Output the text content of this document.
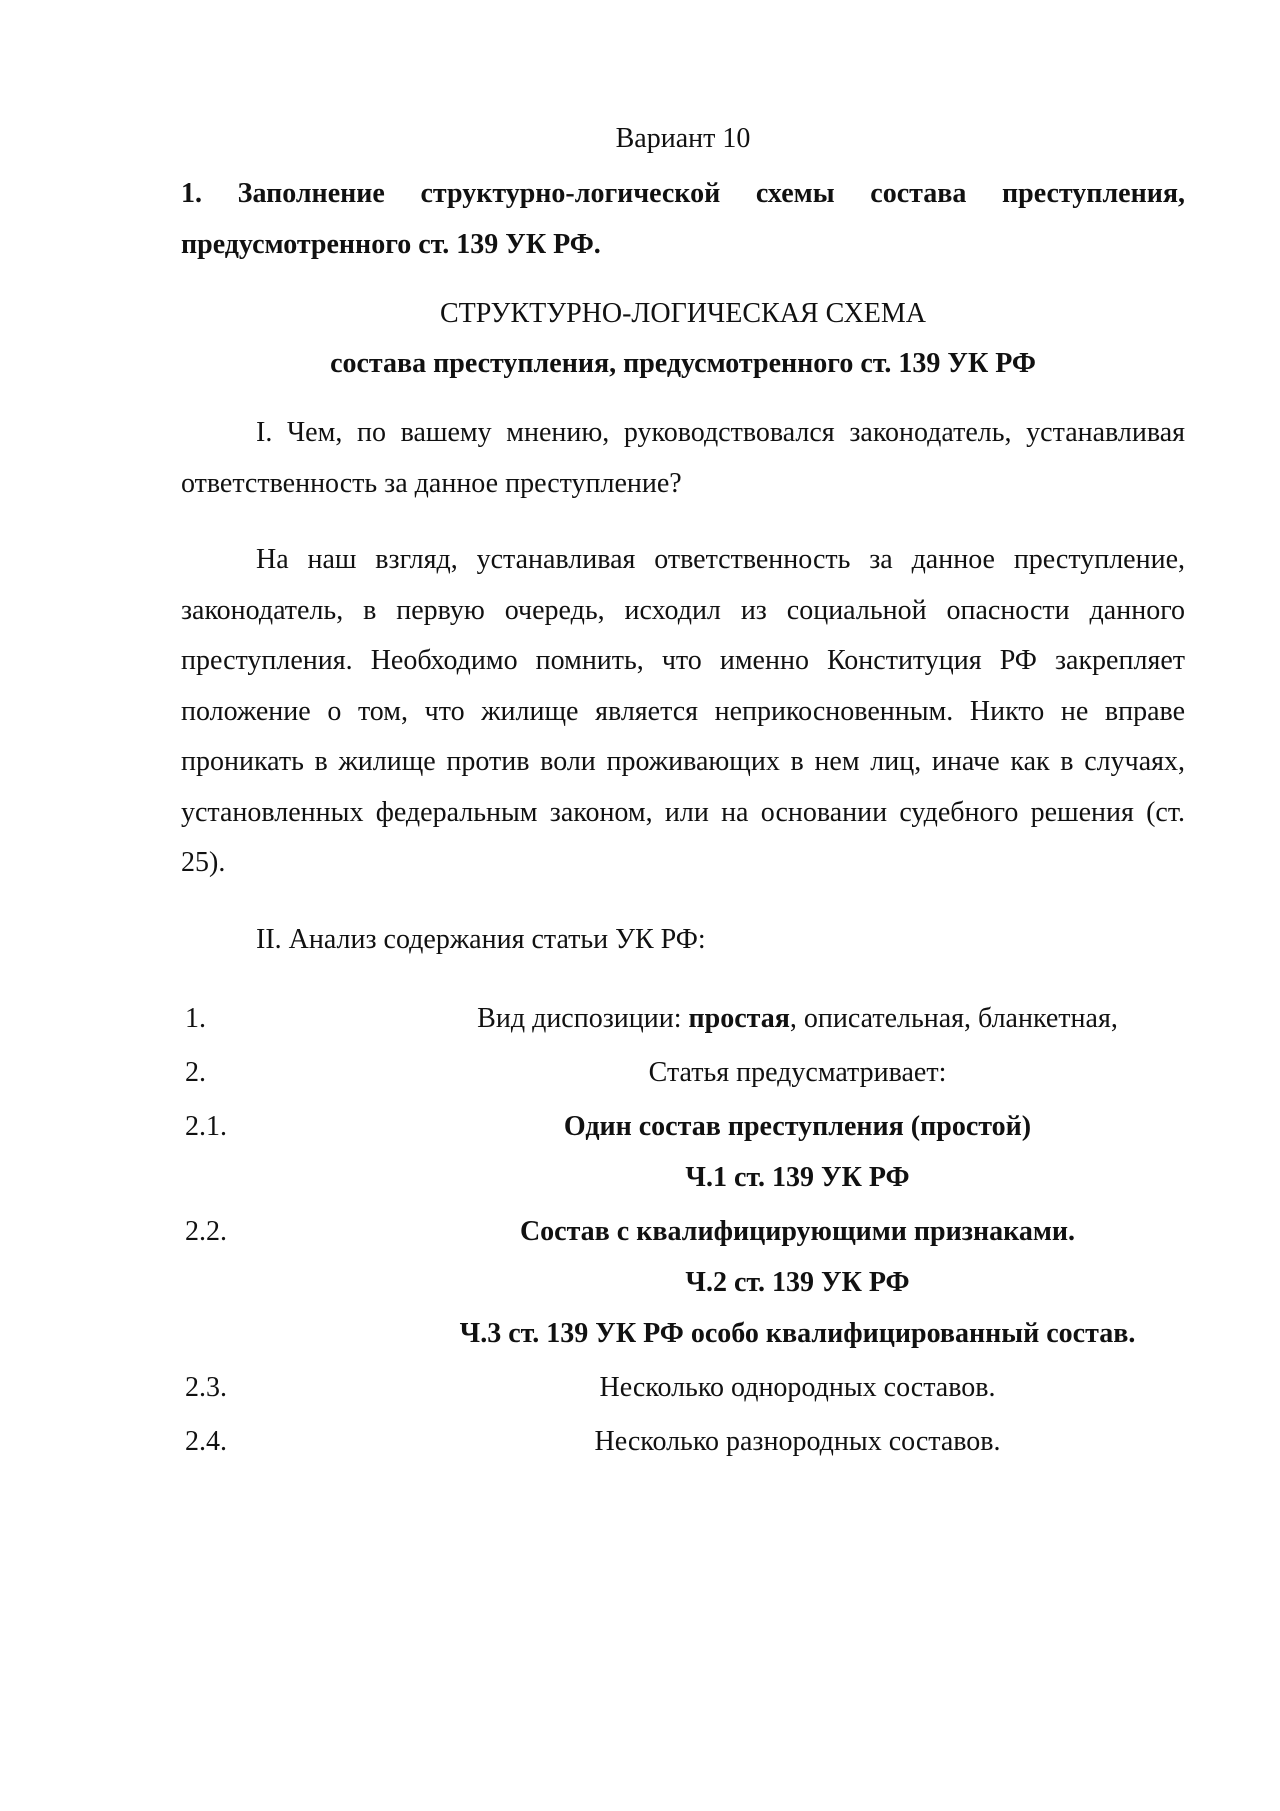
Вариант 10

1. Заполнение структурно-логической схемы состава преступления, предусмотренного ст. 139 УК РФ.

СТРУКТУРНО-ЛОГИЧЕСКАЯ СХЕМА
состава преступления, предусмотренного ст. 139 УК РФ

I. Чем, по вашему мнению, руководствовался законодатель, устанавливая ответственность за данное преступление?

На наш взгляд, устанавливая ответственность за данное преступление, законодатель, в первую очередь, исходил из социальной опасности данного преступления. Необходимо помнить, что именно Конституция РФ закрепляет положение о том, что жилище является неприкосновенным. Никто не вправе проникать в жилище против воли проживающих в нем лиц, иначе как в случаях, установленных федеральным законом, или на основании судебного решения (ст. 25).

II. Анализ содержания статьи УК РФ:

1.	Вид диспозиции: простая, описательная, бланкетная,
2.	Статья предусматривает:
2.1.	Один состав преступления (простой)
Ч.1 ст. 139 УК РФ
2.2.	Состав с квалифицирующими признаками.
Ч.2 ст. 139 УК РФ
Ч.3 ст. 139 УК РФ особо квалифицированный состав.
2.3.	Несколько однородных составов.
2.4.	Несколько разнородных составов.
